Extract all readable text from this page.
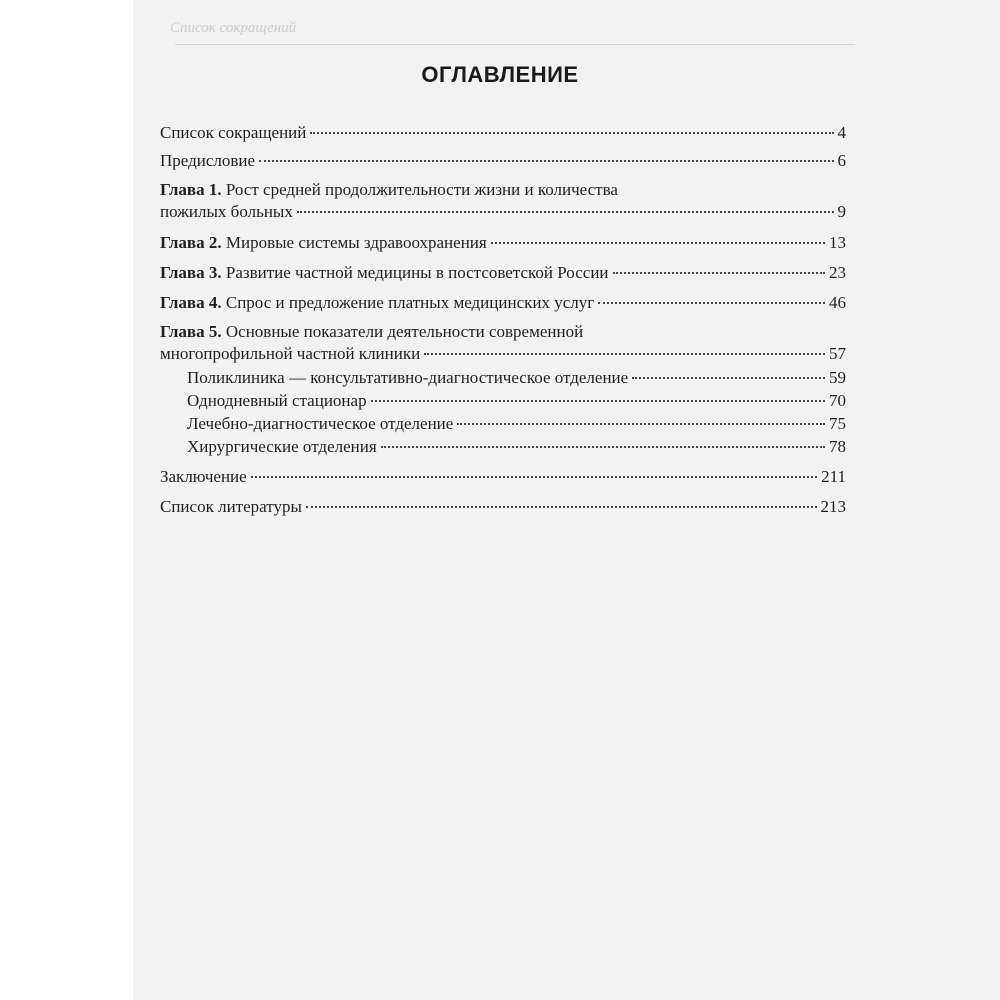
Список сокращений
ОГЛАВЛЕНИЕ
Список сокращений	4
Предисловие	6
Глава 1. Рост средней продолжительности жизни и количества
пожилых больных	9
Глава 2. Мировые системы здравоохранения	13
Глава 3. Развитие частной медицины в постсоветской России	23
Глава 4. Спрос и предложение платных медицинских услуг	46
Глава 5. Основные показатели деятельности современной
многопрофильной частной клиники	57
Поликлиника — консультативно-диагностическое отделение	59
Однодневный стационар	70
Лечебно-диагностическое отделение	75
Хирургические отделения	78
Заключение	211
Список литературы	213
